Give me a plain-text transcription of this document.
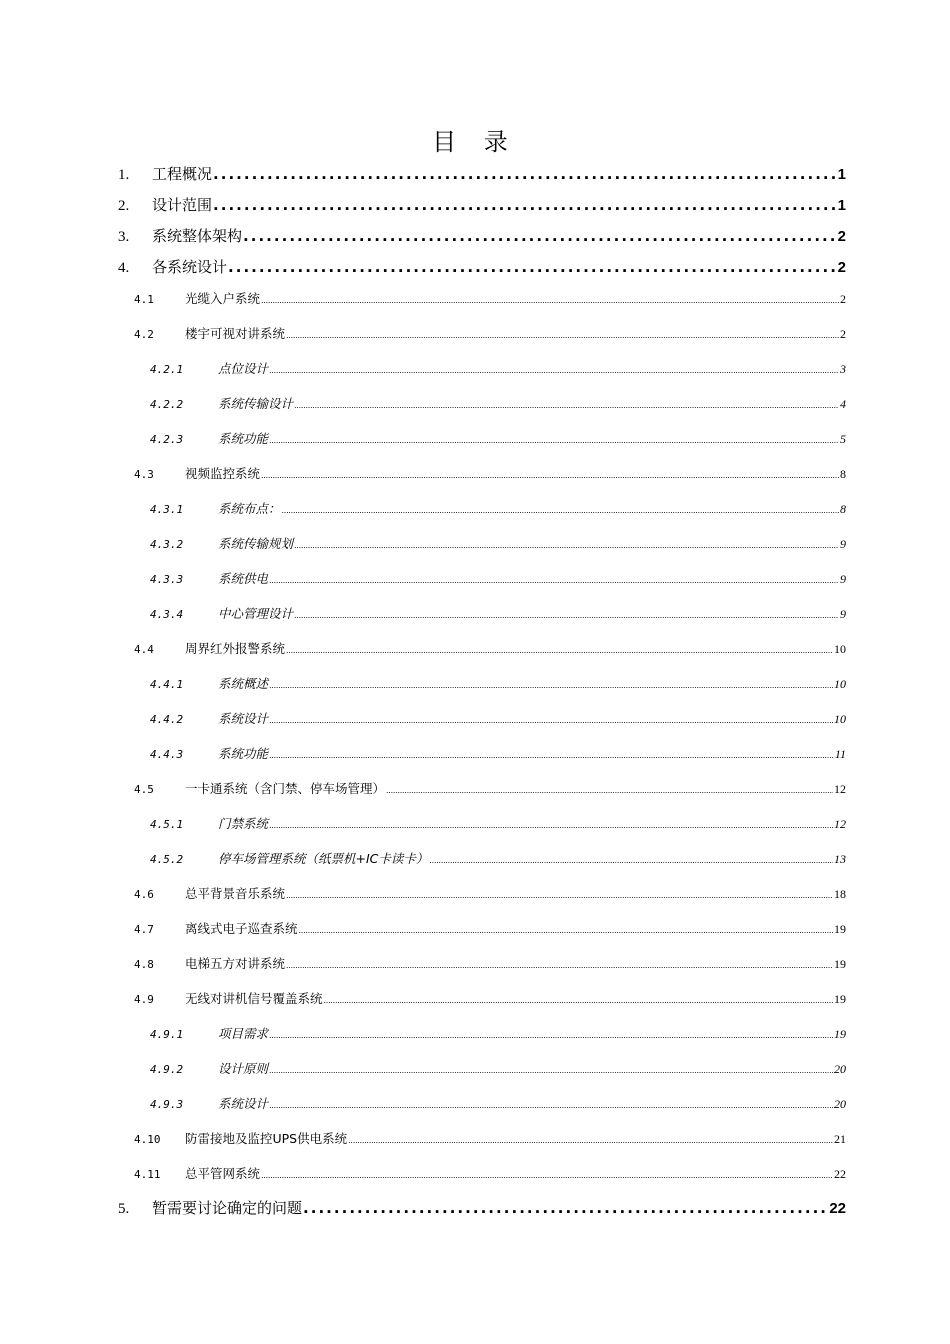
目 录
1.	工程概况 . . .	1
2.	设计范围 . . .	1
3.	系统整体架构 . . .	2
4.	各系统设计 . . .	2
4.1	光缆入户系统 . . .	2
4.2	楼宇可视对讲系统 . . .	2
4.2.1	点位设计 . . .	3
4.2.2	系统传输设计 . . .	4
4.2.3	系统功能 . . .	5
4.3	视频监控系统 . . .	8
4.3.1	系统布点： . . .	8
4.3.2	系统传输规划 . . .	9
4.3.3	系统供电 . . .	9
4.3.4	中心管理设计 . . .	9
4.4	周界红外报警系统 . . .	10
4.4.1	系统概述 . . .	10
4.4.2	系统设计 . . .	10
4.4.3	系统功能 . . .	11
4.5	一卡通系统（含门禁、停车场管理） . . .	12
4.5.1	门禁系统 . . .	12
4.5.2	停车场管理系统（纸票机+IC卡读卡） . . .	13
4.6	总平背景音乐系统 . . .	18
4.7	离线式电子巡查系统 . . .	19
4.8	电梯五方对讲系统 . . .	19
4.9	无线对讲机信号覆盖系统 . . .	19
4.9.1	项目需求 . . .	19
4.9.2	设计原则 . . .	20
4.9.3	系统设计 . . .	20
4.10	防雷接地及监控UPS供电系统 . . .	21
4.11	总平管网系统 . . .	22
5.	暂需要讨论确定的问题 . . .	22
